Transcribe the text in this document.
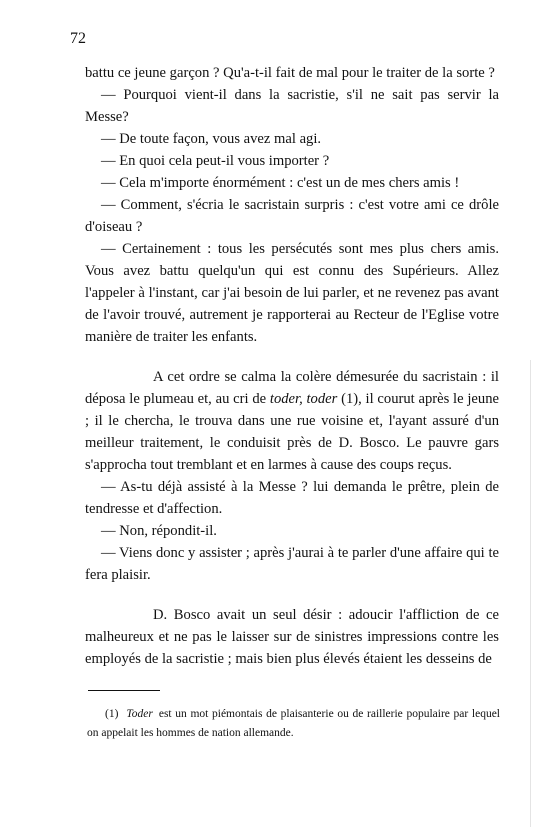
72

battu ce jeune garçon ? Qu'a-t-il fait de mal pour le traiter de la sorte ?

— Pourquoi vient-il dans la sacristie, s'il ne sait pas servir la Messe?

— De toute façon, vous avez mal agi.

— En quoi cela peut-il vous importer ?

— Cela m'importe énormément : c'est un de mes chers amis !

— Comment, s'écria le sacristain surpris : c'est votre ami ce drôle d'oiseau ?

— Certainement : tous les persécutés sont mes plus chers amis. Vous avez battu quelqu'un qui est connu des Supérieurs. Allez l'appeler à l'instant, car j'ai besoin de lui parler, et ne revenez pas avant de l'avoir trouvé, autrement je rapporterai au Recteur de l'Eglise votre manière de traiter les enfants.

A cet ordre se calma la colère démesurée du sacristain : il déposa le plumeau et, au cri de toder, toder (1), il courut après le jeune ; il le chercha, le trouva dans une rue voisine et, l'ayant assuré d'un meilleur traitement, le conduisit près de D. Bosco. Le pauvre gars s'approcha tout tremblant et en larmes à cause des coups reçus.

— As-tu déjà assisté à la Messe ? lui demanda le prêtre, plein de tendresse et d'affection.

— Non, répondit-il.

— Viens donc y assister ; après j'aurai à te parler d'une affaire qui te fera plaisir.

D. Bosco avait un seul désir : adoucir l'affliction de ce malheureux et ne pas le laisser sur de sinistres impressions contre les employés de la sacristie ; mais bien plus élevés étaient les desseins de

(1) Toder est un mot piémontais de plaisanterie ou de raillerie populaire par lequel on appelait les hommes de nation allemande.
